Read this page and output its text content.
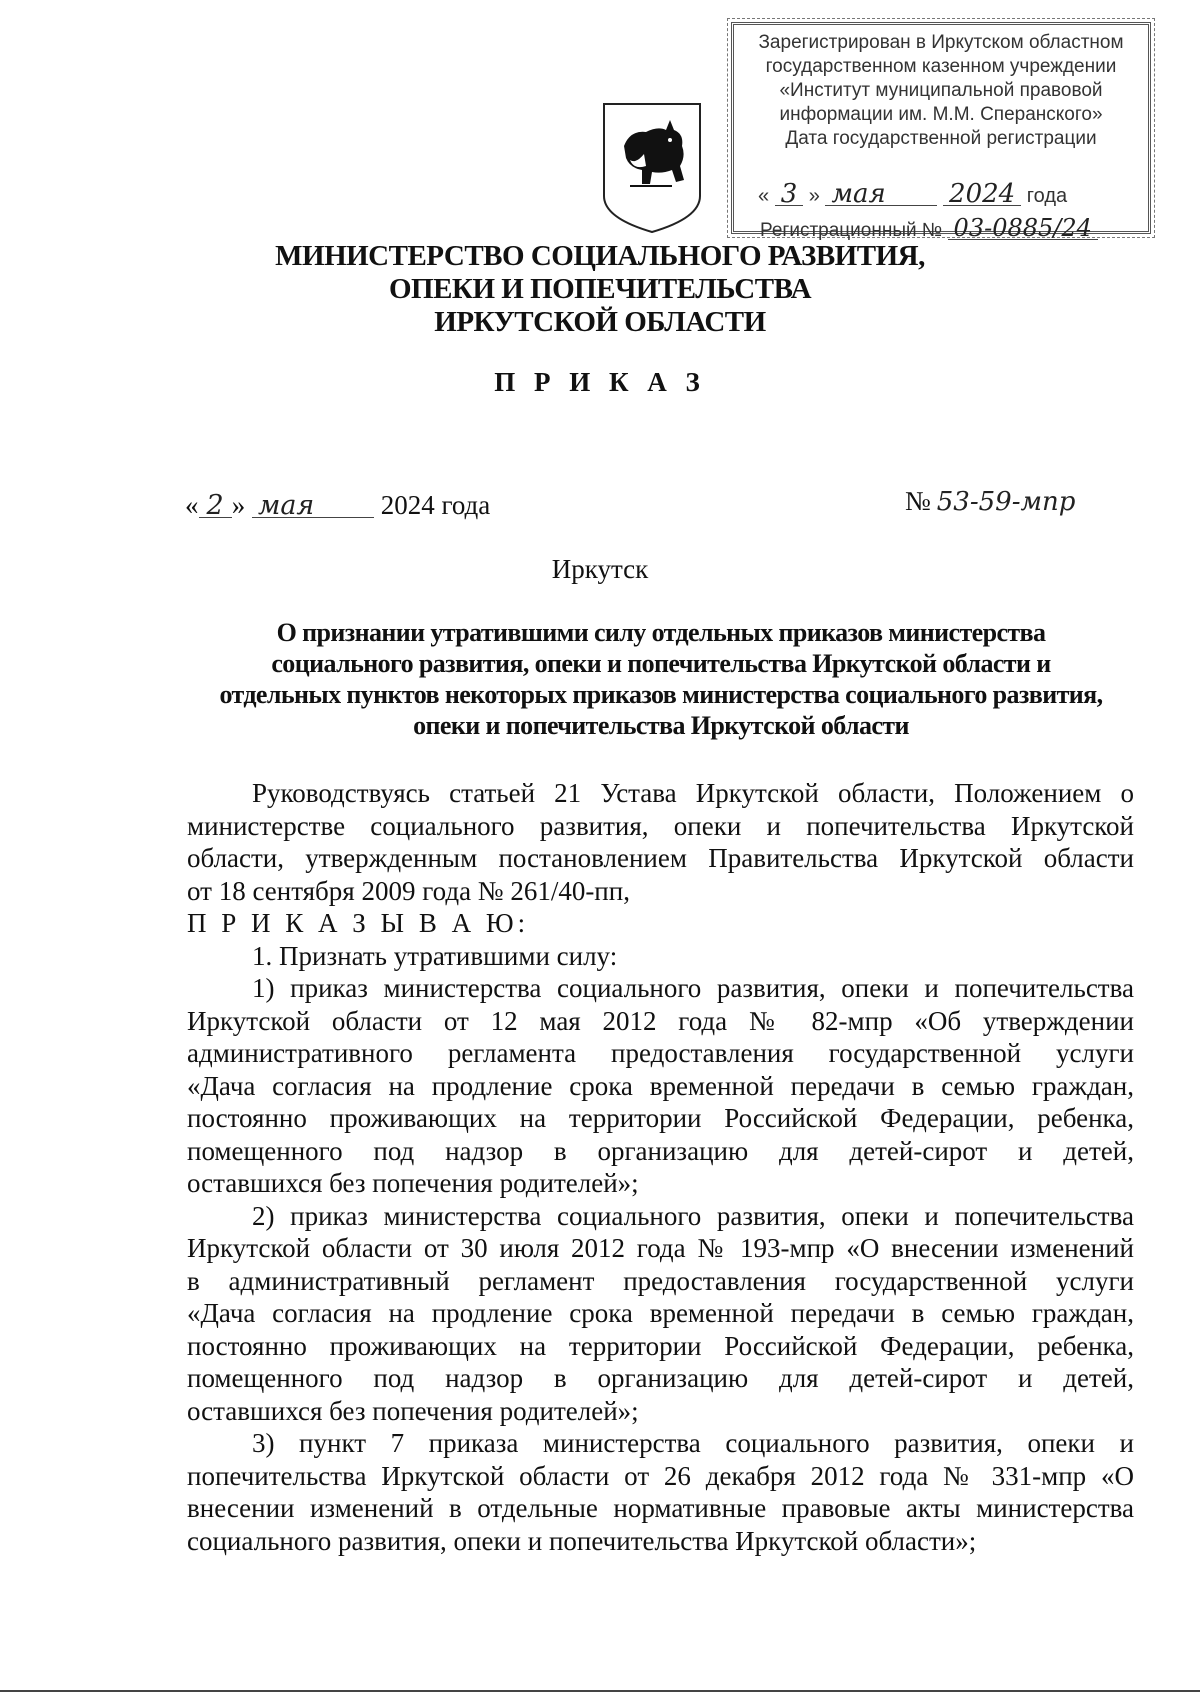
Зарегистрирован в Иркутском областном
государственном казенном учреждении
«Институт муниципальной правовой
информации им. М.М. Сперанского»
Дата государственной регистрации
« 3 » мая 2024 года
Регистрационный № 03-0885/24
МИНИСТЕРСТВО СОЦИАЛЬНОГО РАЗВИТИЯ,
ОПЕКИ И ПОПЕЧИТЕЛЬСТВА
ИРКУТСКОЙ ОБЛАСТИ
П Р И К А З
« 2 » мая 2024 года	№ 53-59-мпр
Иркутск
О признании утратившими силу отдельных приказов министерства
социального развития, опеки и попечительства Иркутской области и
отдельных пунктов некоторых приказов министерства социального развития,
опеки и попечительства Иркутской области
Руководствуясь статьей 21 Устава Иркутской области, Положением о
министерстве социального развития, опеки и попечительства Иркутской
области, утвержденным постановлением Правительства Иркутской области
от 18 сентября 2009 года № 261/40-пп,
П Р И К А З Ы В А Ю:
1. Признать утратившими силу:
1) приказ министерства социального развития, опеки и попечительства
Иркутской области от 12 мая 2012 года № 82-мпр «Об утверждении
административного регламента предоставления государственной услуги
«Дача согласия на продление срока временной передачи в семью граждан,
постоянно проживающих на территории Российской Федерации, ребенка,
помещенного под надзор в организацию для детей-сирот и детей,
оставшихся без попечения родителей»;
2) приказ министерства социального развития, опеки и попечительства
Иркутской области от 30 июля 2012 года № 193-мпр «О внесении изменений
в административный регламент предоставления государственной услуги
«Дача согласия на продление срока временной передачи в семью граждан,
постоянно проживающих на территории Российской Федерации, ребенка,
помещенного под надзор в организацию для детей-сирот и детей,
оставшихся без попечения родителей»;
3) пункт 7 приказа министерства социального развития, опеки и
попечительства Иркутской области от 26 декабря 2012 года № 331-мпр «О
внесении изменений в отдельные нормативные правовые акты министерства
социального развития, опеки и попечительства Иркутской области»;
